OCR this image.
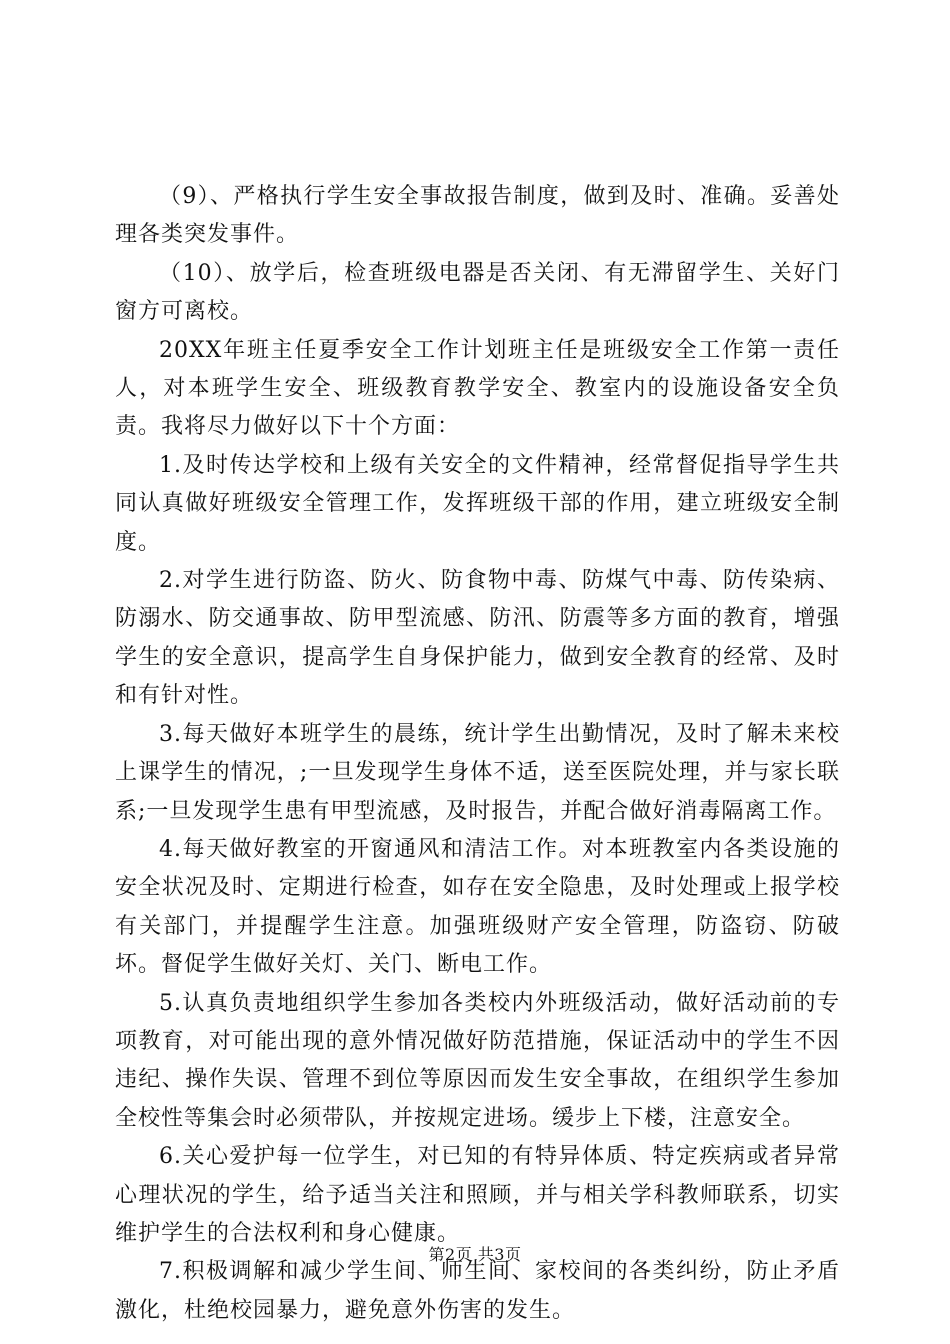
（9）、严格执行学生安全事故报告制度，做到及时、准确。妥善处理各类突发事件。

（10）、放学后，检查班级电器是否关闭、有无滞留学生、关好门窗方可离校。

20XX年班主任夏季安全工作计划班主任是班级安全工作第一责任人，对本班学生安全、班级教育教学安全、教室内的设施设备安全负责。我将尽力做好以下十个方面：

1.及时传达学校和上级有关安全的文件精神，经常督促指导学生共同认真做好班级安全管理工作，发挥班级干部的作用，建立班级安全制度。

2.对学生进行防盗、防火、防食物中毒、防煤气中毒、防传染病、防溺水、防交通事故、防甲型流感、防汛、防震等多方面的教育，增强学生的安全意识，提高学生自身保护能力，做到安全教育的经常、及时和有针对性。

3.每天做好本班学生的晨练，统计学生出勤情况，及时了解未来校上课学生的情况，;一旦发现学生身体不适，送至医院处理，并与家长联系;一旦发现学生患有甲型流感，及时报告，并配合做好消毒隔离工作。

4.每天做好教室的开窗通风和清洁工作。对本班教室内各类设施的安全状况及时、定期进行检查，如存在安全隐患，及时处理或上报学校有关部门，并提醒学生注意。加强班级财产安全管理，防盗窃、防破坏。督促学生做好关灯、关门、断电工作。

5.认真负责地组织学生参加各类校内外班级活动，做好活动前的专项教育，对可能出现的意外情况做好防范措施，保证活动中的学生不因违纪、操作失误、管理不到位等原因而发生安全事故，在组织学生参加全校性等集会时必须带队，并按规定进场。缓步上下楼，注意安全。

6.关心爱护每一位学生，对已知的有特异体质、特定疾病或者异常心理状况的学生，给予适当关注和照顾，并与相关学科教师联系，切实维护学生的合法权利和身心健康。

7.积极调解和减少学生间、师生间、家校间的各类纠纷，防止矛盾激化，杜绝校园暴力，避免意外伤害的发生。

第2页 共3页
